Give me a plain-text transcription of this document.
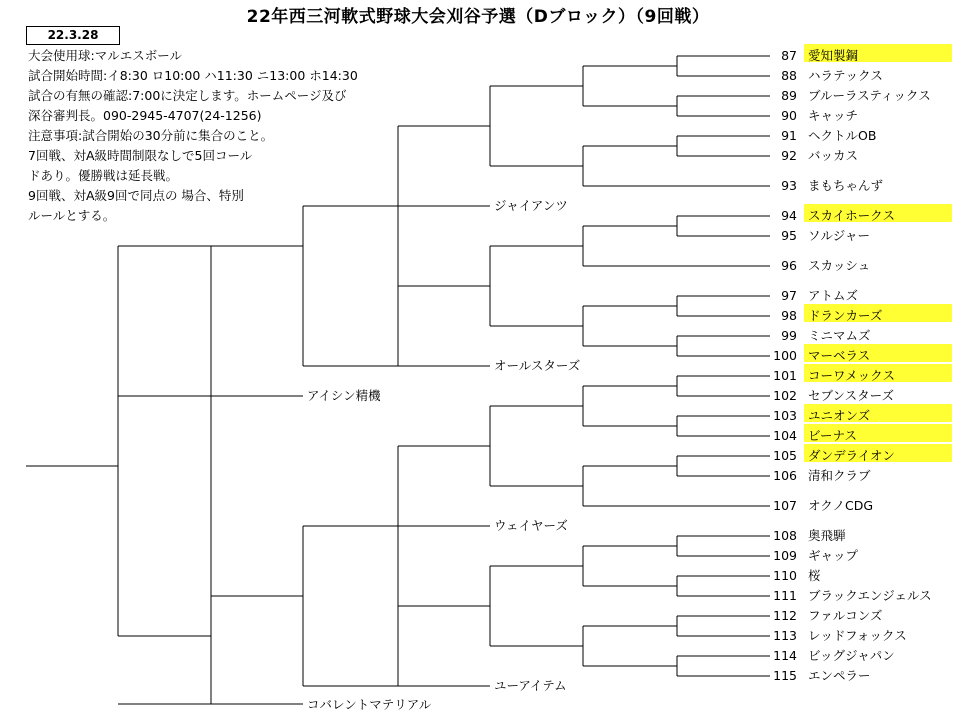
22年西三河軟式野球大会刈谷予選（Dブロック）（9回戦）
22.3.28
大会使用球:マルエスボール
試合開始時間:イ8:30 ロ10:00 ハ11:30 ニ13:00 ホ14:30
試合の有無の確認:7:00に決定します。ホームページ及び
深谷審判長。090-2945-4707(24-1256)
注意事項:試合開始の30分前に集合のこと。
7回戦、対A級時間制限なしで5回コール
ドあり。優勝戦は延長戦。
9回戦、対A級9回で同点の 場合、特別
ルールとする。
87 愛知製鋼
88 ハラテックス
89 ブルーラスティックス
90 キャッチ
91 ヘクトルOB
92 バッカス
93 まもちゃんず
94 スカイホークス
95 ソルジャー
96 スカッシュ
97 アトムズ
98 ドランカーズ
99 ミニマムズ
100 マーベラス
101 コーワメックス
102 セブンスターズ
103 ユニオンズ
104 ビーナス
105 ダンデライオン
106 清和クラブ
107 オクノCDG
108 奥飛騨
109 ギャップ
110 桜
111 ブラックエンジェルス
112 ファルコンズ
113 レッドフォックス
114 ビッグジャパン
115 エンペラー
ジャイアンツ
オールスターズ
アイシン精機
ウェイヤーズ
ユーアイテム
コバレントマテリアル
